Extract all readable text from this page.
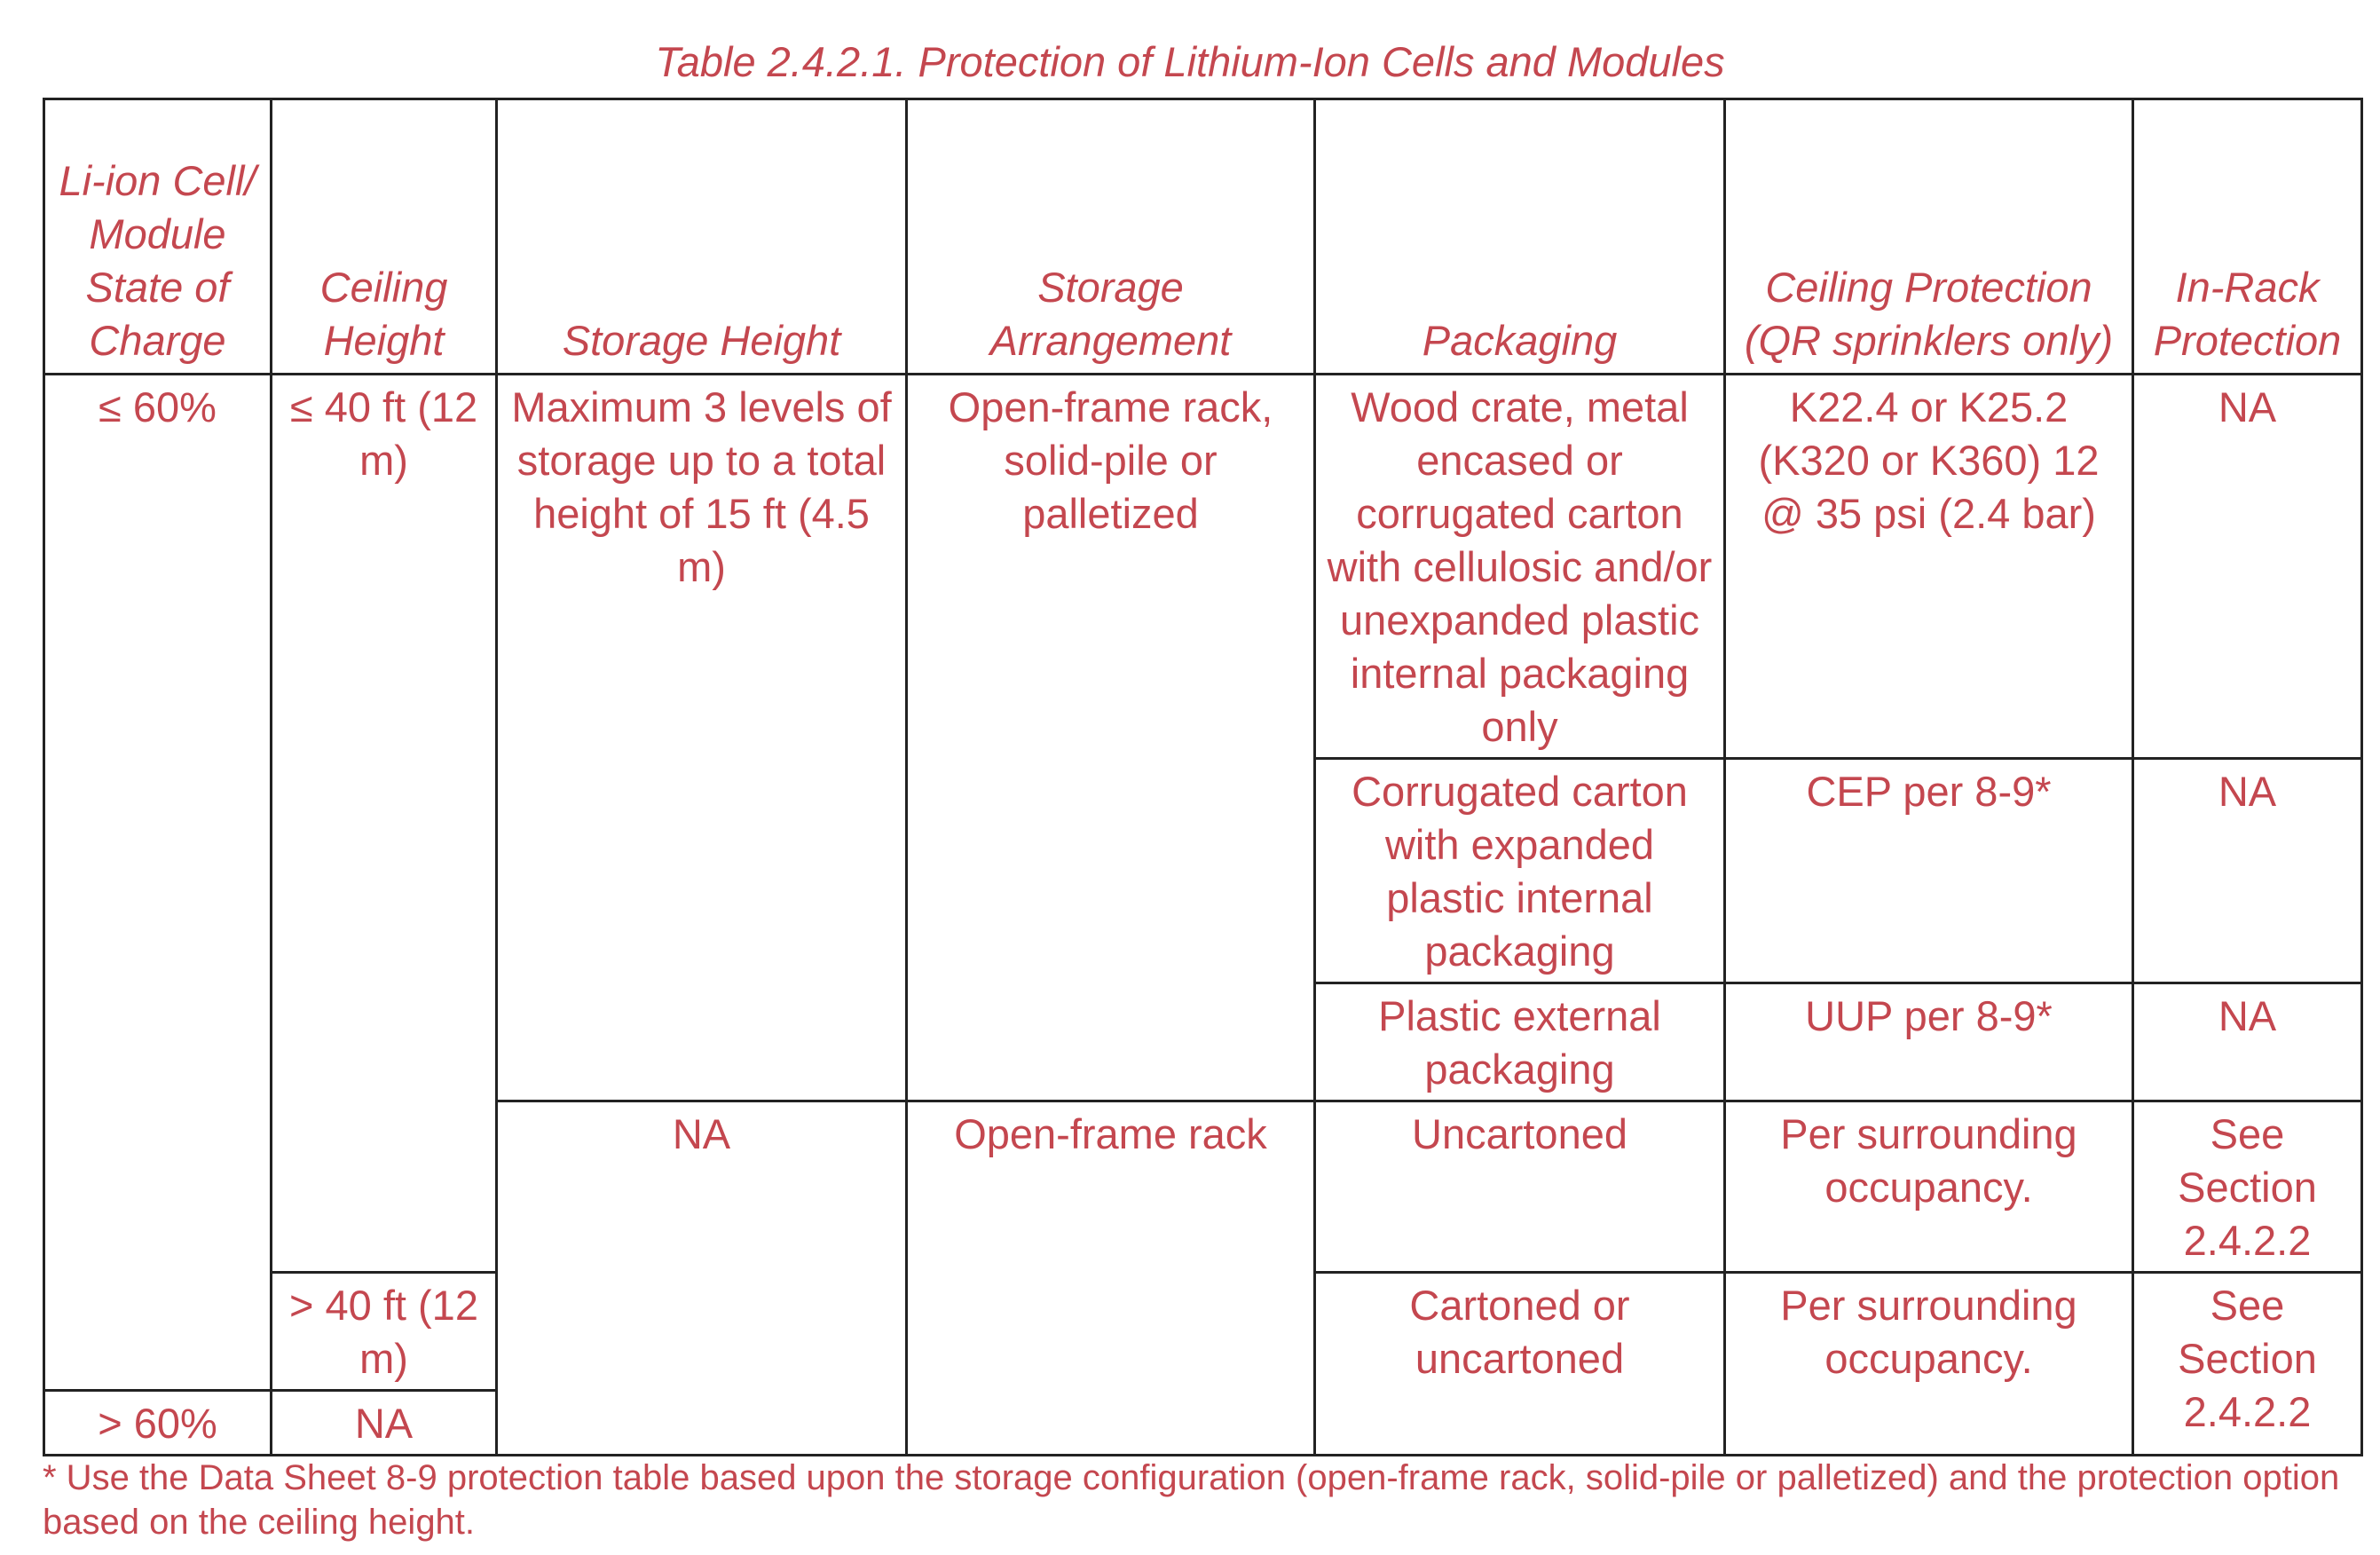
Table 2.4.2.1. Protection of Lithium-Ion Cells and Modules
Li-ion Cell/ Module State of Charge	Ceiling Height	Storage Height	Storage Arrangement	Packaging	Ceiling Protection (QR sprinklers only)	In-Rack Protection
≤ 60%	≤ 40 ft (12 m)	Maximum 3 levels of storage up to a total height of 15 ft (4.5 m)	Open-frame rack, solid-pile or palletized	Wood crate, metal encased or corrugated carton with cellulosic and/or unexpanded plastic internal packaging only	K22.4 or K25.2 (K320 or K360) 12 @ 35 psi (2.4 bar)	NA
				Corrugated carton with expanded plastic internal packaging	CEP per 8-9*	NA
				Plastic external packaging	UUP per 8-9*	NA
		NA	Open-frame rack	Uncartoned	Per surrounding occupancy.	See Section 2.4.2.2
	> 40 ft (12 m)			Cartoned or uncartoned	Per surrounding occupancy.	See Section 2.4.2.2
> 60%	NA					
* Use the Data Sheet 8-9 protection table based upon the storage configuration (open-frame rack, solid-pile or palletized) and the protection option based on the ceiling height.
